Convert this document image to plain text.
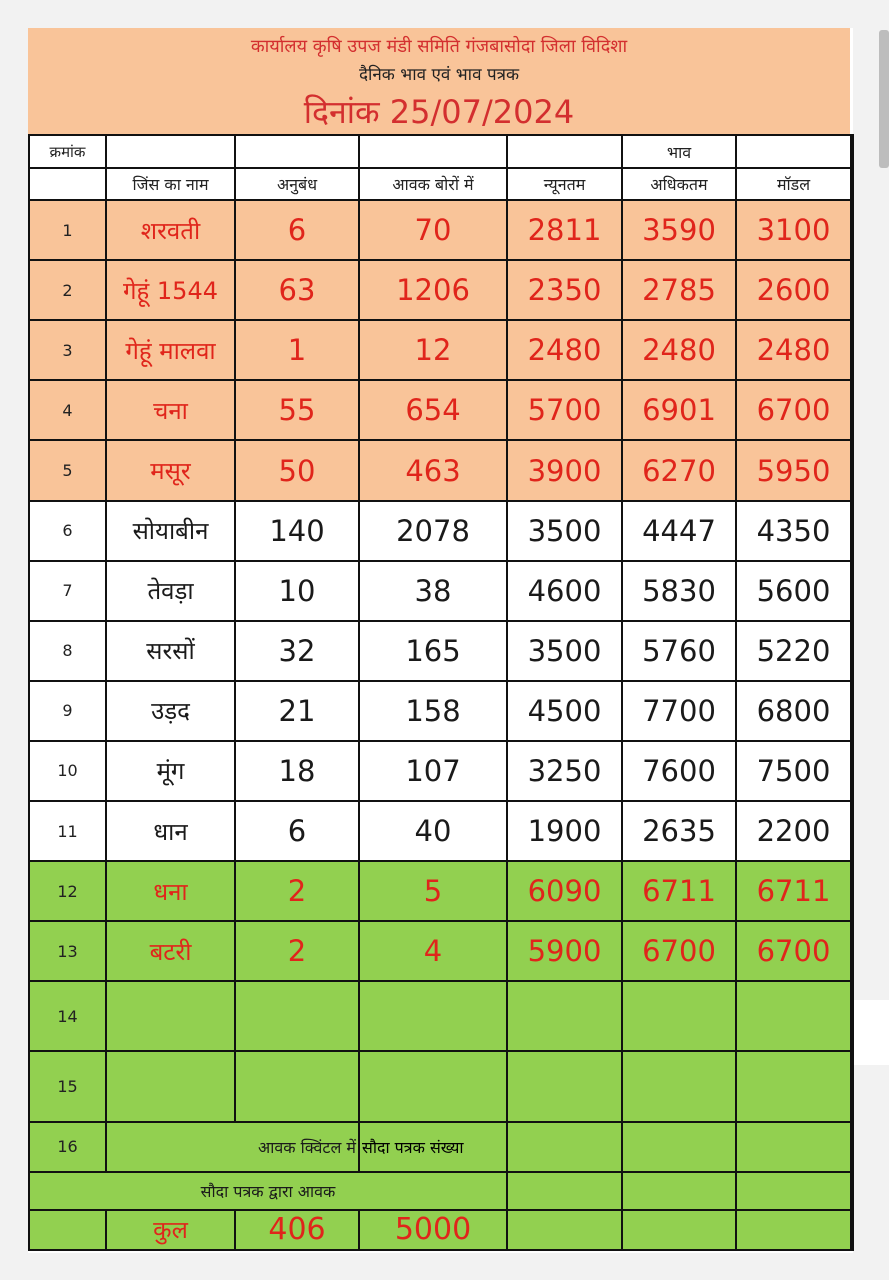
कार्यालय कृषि उपज मंडी समिति गंजबासोदा जिला विदिशा

दैनिक भाव एवं भाव पत्रक

दिनांक 25/07/2024

क्रमांक					भाव	
	जिंस का नाम	अनुबंध	आवक बोरों में	न्यूनतम	अधिकतम	मॉडल
1	शरवती	6	70	2811	3590	3100
2	गेहूं 1544	63	1206	2350	2785	2600
3	गेहूं मालवा	1	12	2480	2480	2480
4	चना	55	654	5700	6901	6700
5	मसूर	50	463	3900	6270	5950
6	सोयाबीन	140	2078	3500	4447	4350
7	तेवड़ा	10	38	4600	5830	5600
8	सरसों	32	165	3500	5760	5220
9	उड़द	21	158	4500	7700	6800
10	मूंग	18	107	3250	7600	7500
11	धान	6	40	1900	2635	2200
12	धना	2	5	6090	6711	6711
13	बटरी	2	4	5900	6700	6700
14						
15						
16	आवक क्विंटल में		सौदा पत्रक संख्या			
सौदा पत्रक द्वारा आवक						
	कुल	406	5000			
